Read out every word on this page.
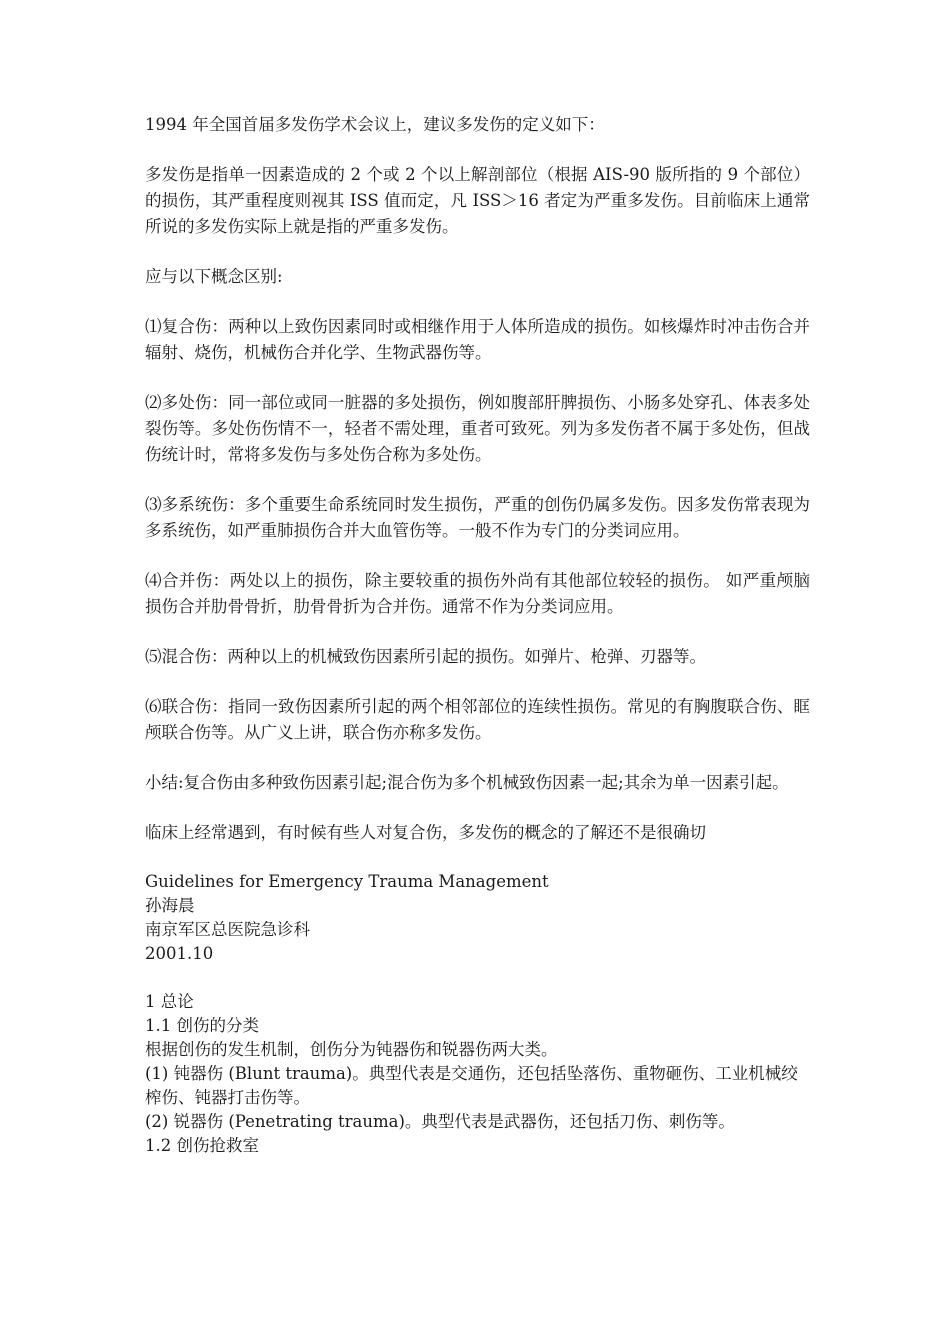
1994 年全国首届多发伤学术会议上，建议多发伤的定义如下：

多发伤是指单一因素造成的 2 个或 2 个以上解剖部位（根据 AIS-90 版所指的 9 个部位）的损伤，其严重程度则视其 ISS 值而定，凡 ISS＞16 者定为严重多发伤。目前临床上通常所说的多发伤实际上就是指的严重多发伤。

应与以下概念区别:

⑴复合伤：两种以上致伤因素同时或相继作用于人体所造成的损伤。如核爆炸时冲击伤合并辐射、烧伤，机械伤合并化学、生物武器伤等。

⑵多处伤：同一部位或同一脏器的多处损伤，例如腹部肝脾损伤、小肠多处穿孔、体表多处裂伤等。多处伤伤情不一，轻者不需处理，重者可致死。列为多发伤者不属于多处伤，但战伤统计时，常将多发伤与多处伤合称为多处伤。

⑶多系统伤：多个重要生命系统同时发生损伤，严重的创伤仍属多发伤。因多发伤常表现为多系统伤，如严重肺损伤合并大血管伤等。一般不作为专门的分类词应用。

⑷合并伤：两处以上的损伤，除主要较重的损伤外尚有其他部位较轻的损伤。 如严重颅脑损伤合并肋骨骨折，肋骨骨折为合并伤。通常不作为分类词应用。

⑸混合伤：两种以上的机械致伤因素所引起的损伤。如弹片、枪弹、刃器等。

⑹联合伤：指同一致伤因素所引起的两个相邻部位的连续性损伤。常见的有胸腹联合伤、眶颅联合伤等。从广义上讲，联合伤亦称多发伤。

小结:复合伤由多种致伤因素引起;混合伤为多个机械致伤因素一起;其余为单一因素引起。

临床上经常遇到，有时候有些人对复合伤，多发伤的概念的了解还不是很确切

Guidelines for Emergency Trauma Management

孙海晨

南京军区总医院急诊科

2001.10

1 总论

1.1 创伤的分类

根据创伤的发生机制，创伤分为钝器伤和锐器伤两大类。

(1) 钝器伤 (Blunt trauma)。典型代表是交通伤，还包括坠落伤、重物砸伤、工业机械绞榨伤、钝器打击伤等。

(2) 锐器伤 (Penetrating trauma)。典型代表是武器伤，还包括刀伤、刺伤等。

1.2 创伤抢救室
